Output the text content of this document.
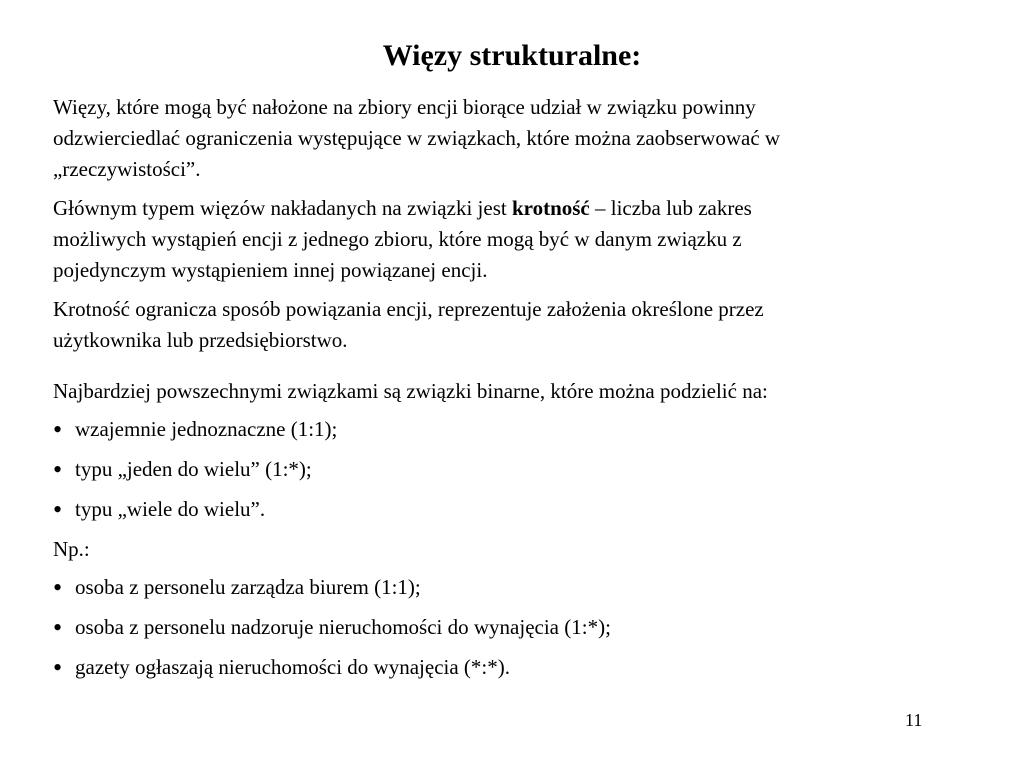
Więzy strukturalne:
Więzy, które mogą być nałożone na zbiory encji biorące udział w związku powinny
odzwierciedlać ograniczenia występujące w związkach, które można zaobserwować w
„rzeczywistości”.
Głównym typem więzów nakładanych na związki jest krotność – liczba lub zakres
możliwych wystąpień encji z jednego zbioru, które mogą być w danym związku z
pojedynczym wystąpieniem innej powiązanej encji.
Krotność ogranicza sposób powiązania encji, reprezentuje założenia określone przez
użytkownika lub przedsiębiorstwo.
Najbardziej powszechnymi związkami są związki binarne, które można podzielić na:
• wzajemnie jednoznaczne (1:1);
• typu „jeden do wielu” (1:*);
• typu „wiele do wielu”.
Np.:
• osoba z personelu zarządza biurem (1:1);
• osoba z personelu nadzoruje nieruchomości do wynajęcia (1:*);
• gazety ogłaszają nieruchomości do wynajęcia (*:*).
11
